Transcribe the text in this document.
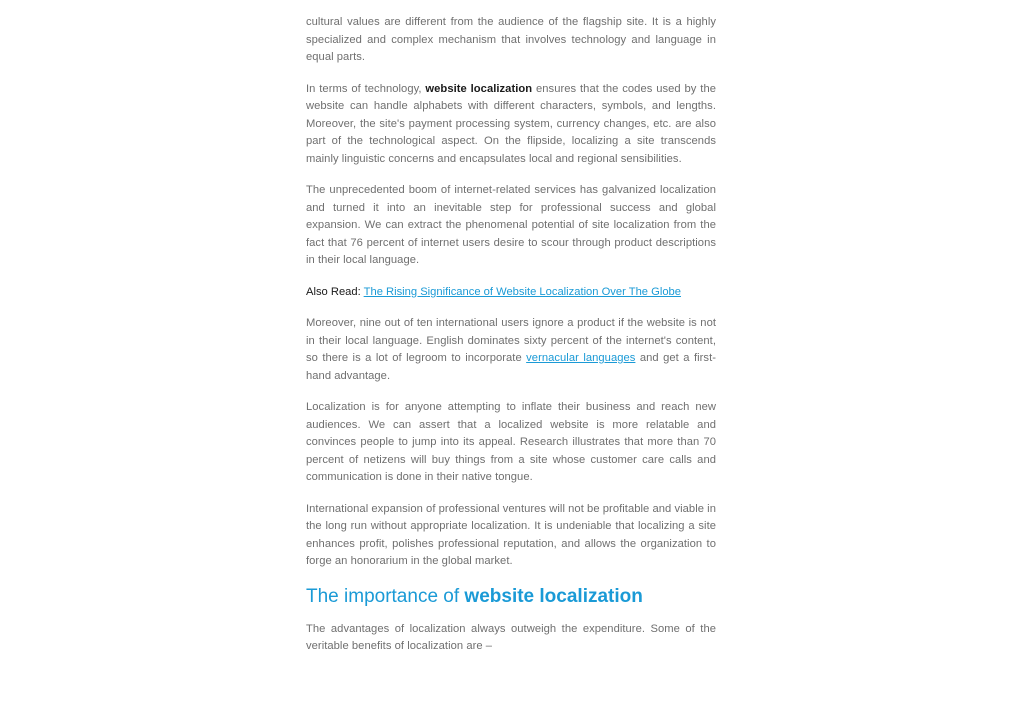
cultural values are different from the audience of the flagship site. It is a highly specialized and complex mechanism that involves technology and language in equal parts.

In terms of technology, website localization ensures that the codes used by the website can handle alphabets with different characters, symbols, and lengths. Moreover, the site's payment processing system, currency changes, etc. are also part of the technological aspect. On the flipside, localizing a site transcends mainly linguistic concerns and encapsulates local and regional sensibilities.

The unprecedented boom of internet-related services has galvanized localization and turned it into an inevitable step for professional success and global expansion. We can extract the phenomenal potential of site localization from the fact that 76 percent of internet users desire to scour through product descriptions in their local language.

Also Read: The Rising Significance of Website Localization Over The Globe

Moreover, nine out of ten international users ignore a product if the website is not in their local language. English dominates sixty percent of the internet's content, so there is a lot of legroom to incorporate vernacular languages and get a first-hand advantage.

Localization is for anyone attempting to inflate their business and reach new audiences. We can assert that a localized website is more relatable and convinces people to jump into its appeal. Research illustrates that more than 70 percent of netizens will buy things from a site whose customer care calls and communication is done in their native tongue.

International expansion of professional ventures will not be profitable and viable in the long run without appropriate localization. It is undeniable that localizing a site enhances profit, polishes professional reputation, and allows the organization to forge an honorarium in the global market.

The importance of website localization

The advantages of localization always outweigh the expenditure. Some of the veritable benefits of localization are –
